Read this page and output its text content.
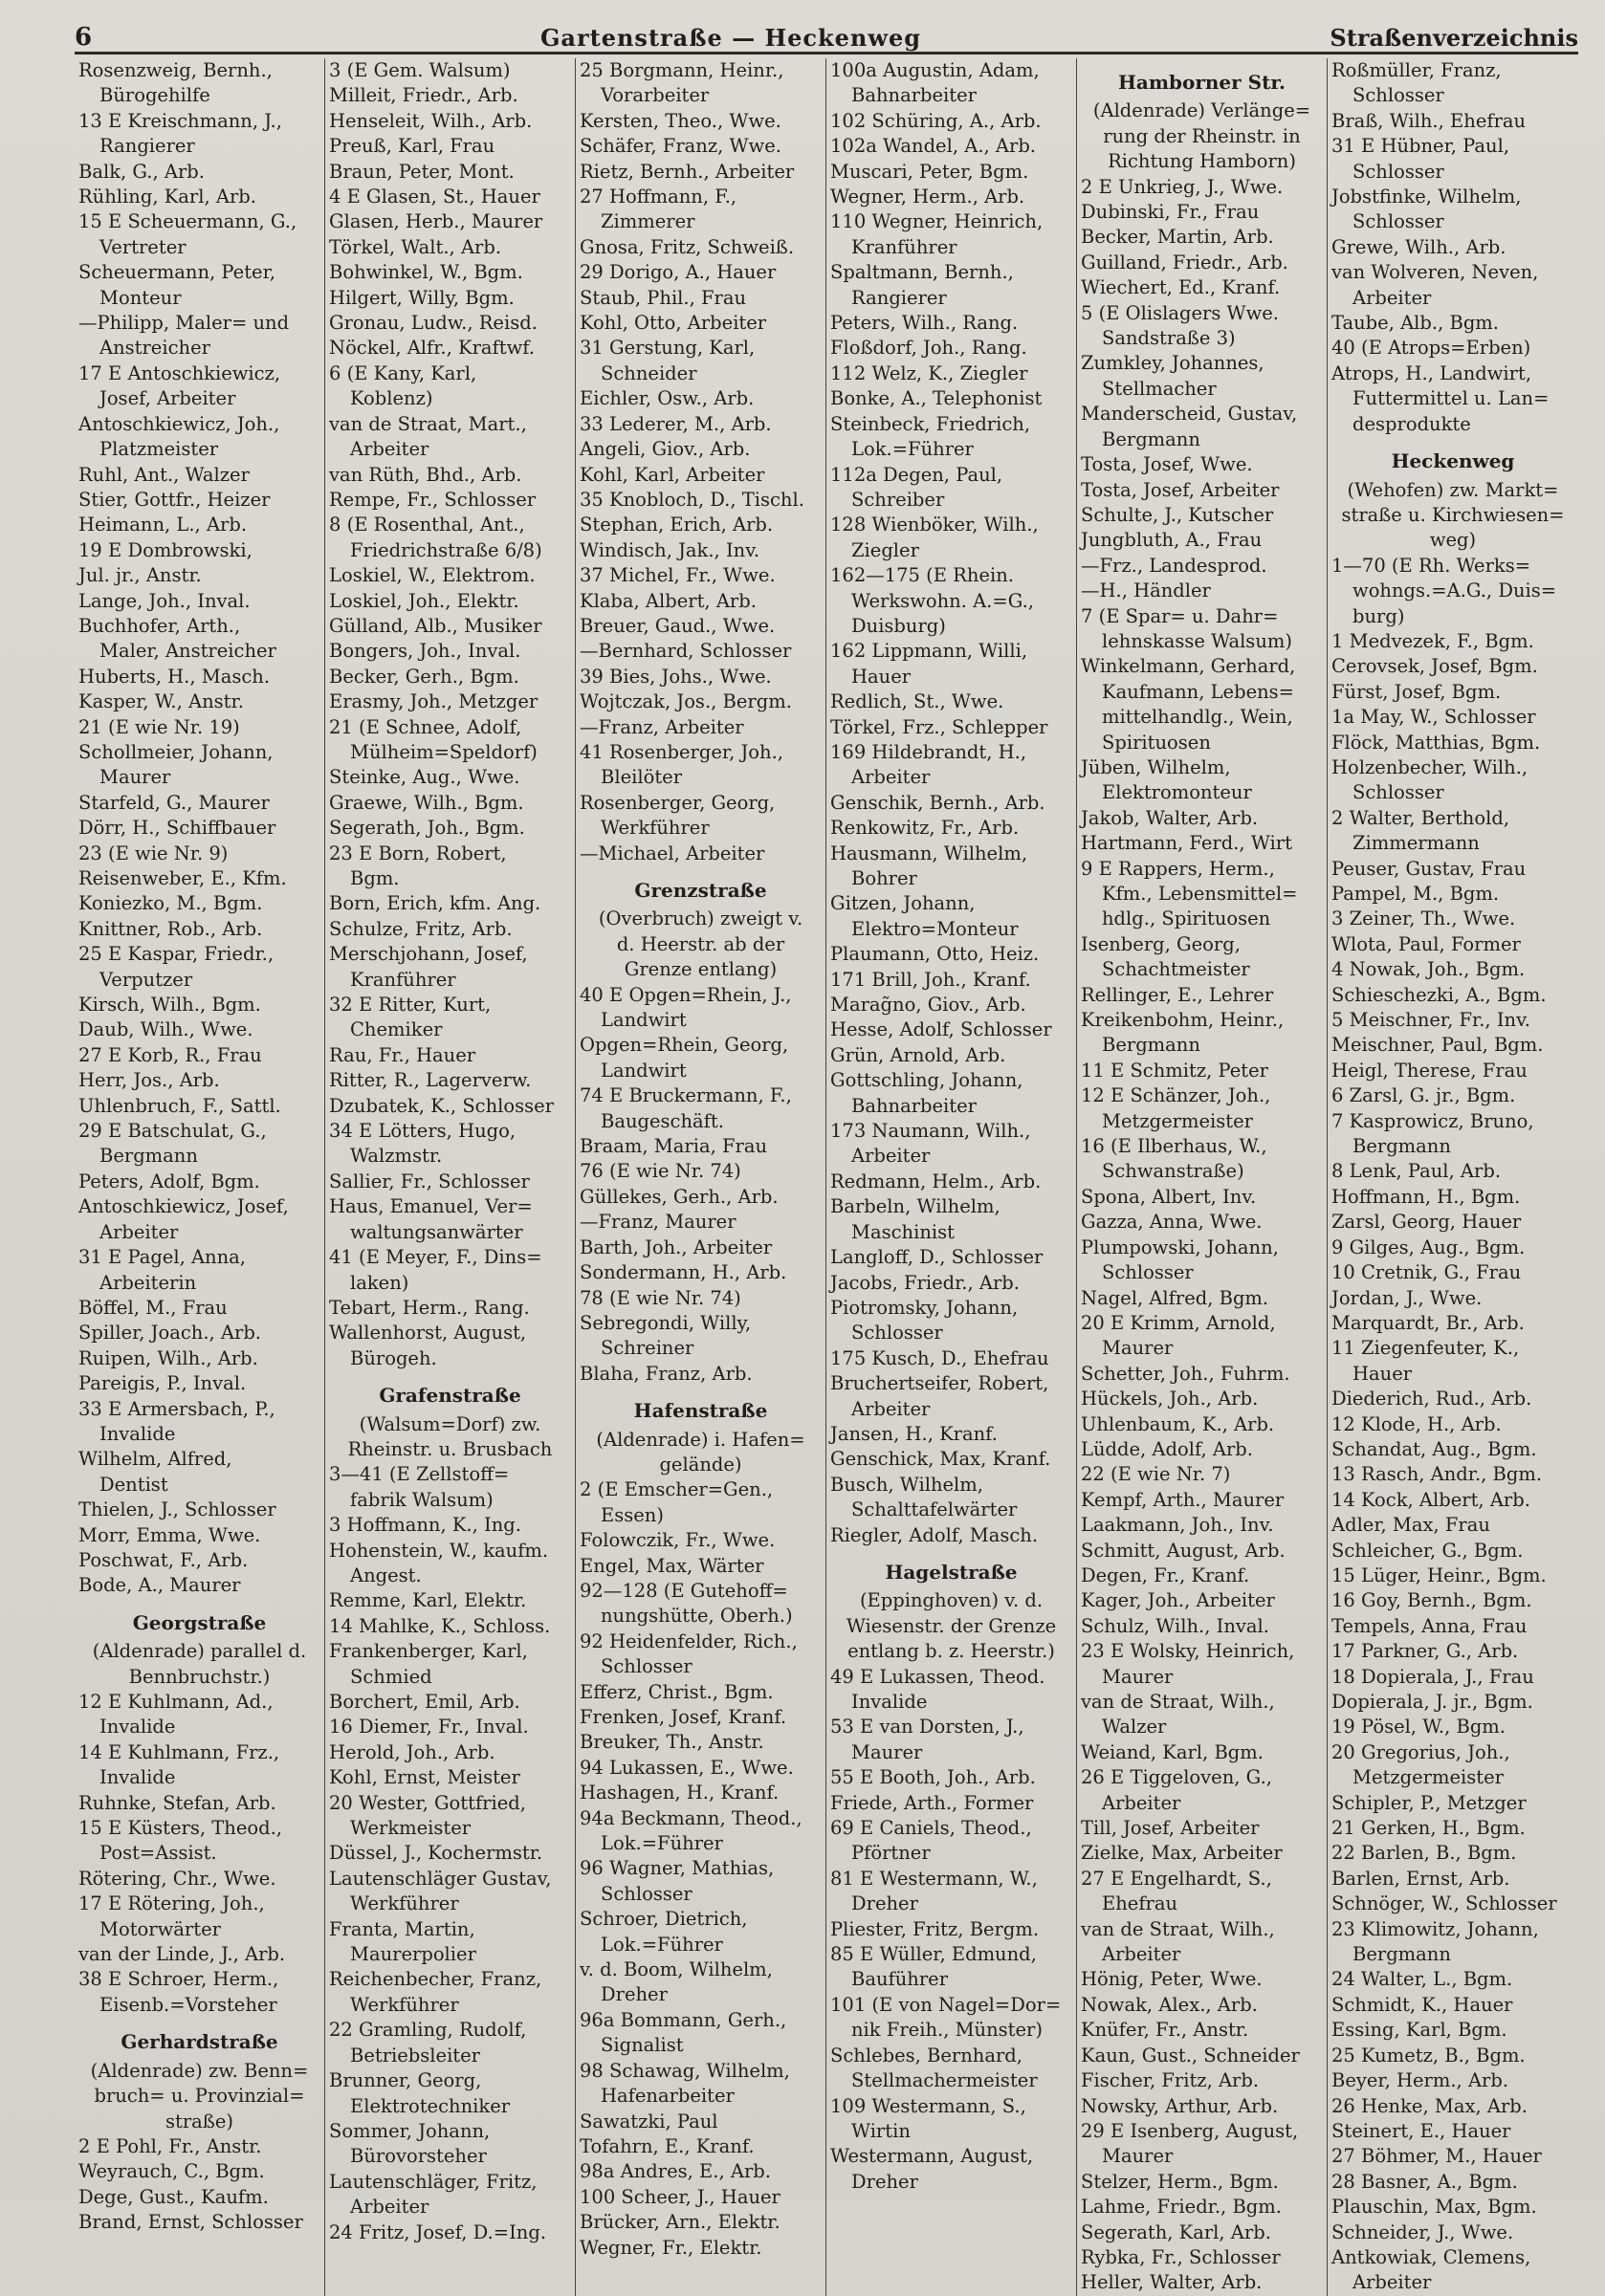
6	Gartenstraße — Heckenweg	Straßenverzeichnis
Rosenzweig, Bernh.,
Bürogehilfe
13 E Kreischmann, J.,
Rangierer
Balk, G., Arb.
Rühling, Karl, Arb.
15 E Scheuermann, G.,
Vertreter
Scheuermann, Peter,
Monteur
—Philipp, Maler= und
Anstreicher
17 E Antoschkiewicz,
Josef, Arbeiter
Antoschkiewicz, Joh.,
Platzmeister
Ruhl, Ant., Walzer
Stier, Gottfr., Heizer
Heimann, L., Arb.
19 E Dombrowski,
Jul. jr., Anstr.
Lange, Joh., Inval.
Buchhofer, Arth.,
Maler, Anstreicher
Huberts, H., Masch.
Kasper, W., Anstr.
21 (E wie Nr. 19)
Schollmeier, Johann,
Maurer
Starfeld, G., Maurer
Dörr, H., Schiffbauer
23 (E wie Nr. 9)
Reisenweber, E., Kfm.
Koniezko, M., Bgm.
Knittner, Rob., Arb.
25 E Kaspar, Friedr.,
Verputzer
Kirsch, Wilh., Bgm.
Daub, Wilh., Wwe.
27 E Korb, R., Frau
Herr, Jos., Arb.
Uhlenbruch, F., Sattl.
29 E Batschulat, G.,
Bergmann
Peters, Adolf, Bgm.
Antoschkiewicz, Josef,
Arbeiter
31 E Pagel, Anna,
Arbeiterin
Böffel, M., Frau
Spiller, Joach., Arb.
Ruipen, Wilh., Arb.
Pareigis, P., Inval.
33 E Armersbach, P.,
Invalide
Wilhelm, Alfred,
Dentist
Thielen, J., Schlosser
Morr, Emma, Wwe.
Poschwat, F., Arb.
Bode, A., Maurer
Georgstraße
(Aldenrade) parallel d.
Bennbruchstr.)
12 E Kuhlmann, Ad.,
Invalide
14 E Kuhlmann, Frz.,
Invalide
Ruhnke, Stefan, Arb.
15 E Küsters, Theod.,
Post=Assist.
Rötering, Chr., Wwe.
17 E Rötering, Joh.,
Motorwärter
van der Linde, J., Arb.
38 E Schroer, Herm.,
Eisenb.=Vorsteher
Gerhardstraße
(Aldenrade) zw. Benn=
bruch= u. Provinzial=
straße)
2 E Pohl, Fr., Anstr.
Weyrauch, C., Bgm.
Dege, Gust., Kaufm.
Brand, Ernst, Schlosser
3 (E Gem. Walsum)
Milleit, Friedr., Arb.
Henseleit, Wilh., Arb.
Preuß, Karl, Frau
Braun, Peter, Mont.
4 E Glasen, St., Hauer
Glasen, Herb., Maurer
Törkel, Walt., Arb.
Bohwinkel, W., Bgm.
Hilgert, Willy, Bgm.
Gronau, Ludw., Reisd.
Nöckel, Alfr., Kraftwf.
6 (E Kany, Karl,
Koblenz)
van de Straat, Mart.,
Arbeiter
van Rüth, Bhd., Arb.
Rempe, Fr., Schlosser
8 (E Rosenthal, Ant.,
Friedrichstraße 6/8)
Loskiel, W., Elektrom.
Loskiel, Joh., Elektr.
Gülland, Alb., Musiker
Bongers, Joh., Inval.
Becker, Gerh., Bgm.
Erasmy, Joh., Metzger
21 (E Schnee, Adolf,
Mülheim=Speldorf)
Steinke, Aug., Wwe.
Graewe, Wilh., Bgm.
Segerath, Joh., Bgm.
23 E Born, Robert,
Bgm.
Born, Erich, kfm. Ang.
Schulze, Fritz, Arb.
Merschjohann, Josef,
Kranführer
32 E Ritter, Kurt,
Chemiker
Rau, Fr., Hauer
Ritter, R., Lagerverw.
Dzubatek, K., Schlosser
34 E Lötters, Hugo,
Walzmstr.
Sallier, Fr., Schlosser
Haus, Emanuel, Ver=
waltungsanwärter
41 (E Meyer, F., Dins=
laken)
Tebart, Herm., Rang.
Wallenhorst, August,
Bürogeh.
Grafenstraße
(Walsum=Dorf) zw.
Rheinstr. u. Brusbach
3—41 (E Zellstoff=
fabrik Walsum)
3 Hoffmann, K., Ing.
Hohenstein, W., kaufm.
Angest.
Remme, Karl, Elektr.
14 Mahlke, K., Schloss.
Frankenberger, Karl,
Schmied
Borchert, Emil, Arb.
16 Diemer, Fr., Inval.
Herold, Joh., Arb.
Kohl, Ernst, Meister
20 Wester, Gottfried,
Werkmeister
Düssel, J., Kochermstr.
Lautenschläger Gustav,
Werkführer
Franta, Martin,
Maurerpolier
Reichenbecher, Franz,
Werkführer
22 Gramling, Rudolf,
Betriebsleiter
Brunner, Georg,
Elektrotechniker
Sommer, Johann,
Bürovorsteher
Lautenschläger, Fritz,
Arbeiter
24 Fritz, Josef, D.=Ing.
25 Borgmann, Heinr.,
Vorarbeiter
Kersten, Theo., Wwe.
Schäfer, Franz, Wwe.
Rietz, Bernh., Arbeiter
27 Hoffmann, F.,
Zimmerer
Gnosa, Fritz, Schweiß.
29 Dorigo, A., Hauer
Staub, Phil., Frau
Kohl, Otto, Arbeiter
31 Gerstung, Karl,
Schneider
Eichler, Osw., Arb.
33 Lederer, M., Arb.
Angeli, Giov., Arb.
Kohl, Karl, Arbeiter
35 Knobloch, D., Tischl.
Stephan, Erich, Arb.
Windisch, Jak., Inv.
37 Michel, Fr., Wwe.
Klaba, Albert, Arb.
Breuer, Gaud., Wwe.
—Bernhard, Schlosser
39 Bies, Johs., Wwe.
Wojtczak, Jos., Bergm.
—Franz, Arbeiter
41 Rosenberger, Joh.,
Bleilöter
Rosenberger, Georg,
Werkführer
—Michael, Arbeiter
Grenzstraße
(Overbruch) zweigt v.
d. Heerstr. ab der
Grenze entlang)
40 E Opgen=Rhein, J.,
Landwirt
Opgen=Rhein, Georg,
Landwirt
74 E Bruckermann, F.,
Baugeschäft.
Braam, Maria, Frau
76 (E wie Nr. 74)
Güllekes, Gerh., Arb.
—Franz, Maurer
Barth, Joh., Arbeiter
Sondermann, H., Arb.
78 (E wie Nr. 74)
Sebregondi, Willy,
Schreiner
Blaha, Franz, Arb.
Hafenstraße
(Aldenrade) i. Hafen=
gelände)
2 (E Emscher=Gen.,
Essen)
Folowczik, Fr., Wwe.
Engel, Max, Wärter
92—128 (E Gutehoff=
nungshütte, Oberh.)
92 Heidenfelder, Rich.,
Schlosser
Efferz, Christ., Bgm.
Frenken, Josef, Kranf.
Breuker, Th., Anstr.
94 Lukassen, E., Wwe.
Hashagen, H., Kranf.
94a Beckmann, Theod.,
Lok.=Führer
96 Wagner, Mathias,
Schlosser
Schroer, Dietrich,
Lok.=Führer
v. d. Boom, Wilhelm,
Dreher
96a Bommann, Gerh.,
Signalist
98 Schawag, Wilhelm,
Hafenarbeiter
Sawatzki, Paul
Tofahrn, E., Kranf.
98a Andres, E., Arb.
100 Scheer, J., Hauer
Brücker, Arn., Elektr.
Wegner, Fr., Elektr.
100a Augustin, Adam,
Bahnarbeiter
102 Schüring, A., Arb.
102a Wandel, A., Arb.
Muscari, Peter, Bgm.
Wegner, Herm., Arb.
110 Wegner, Heinrich,
Kranführer
Spaltmann, Bernh.,
Rangierer
Peters, Wilh., Rang.
Floßdorf, Joh., Rang.
112 Welz, K., Ziegler
Bonke, A., Telephonist
Steinbeck, Friedrich,
Lok.=Führer
112a Degen, Paul,
Schreiber
128 Wienböker, Wilh.,
Ziegler
162—175 (E Rhein.
Werkswohn. A.=G.,
Duisburg)
162 Lippmann, Willi,
Hauer
Redlich, St., Wwe.
Törkel, Frz., Schlepper
169 Hildebrandt, H.,
Arbeiter
Genschik, Bernh., Arb.
Renkowitz, Fr., Arb.
Hausmann, Wilhelm,
Bohrer
Gitzen, Johann,
Elektro=Monteur
Plaumann, Otto, Heiz.
171 Brill, Joh., Kranf.
Marag̃no, Giov., Arb.
Hesse, Adolf, Schlosser
Grün, Arnold, Arb.
Gottschling, Johann,
Bahnarbeiter
173 Naumann, Wilh.,
Arbeiter
Redmann, Helm., Arb.
Barbeln, Wilhelm,
Maschinist
Langloff, D., Schlosser
Jacobs, Friedr., Arb.
Piotromsky, Johann,
Schlosser
175 Kusch, D., Ehefrau
Bruchertseifer, Robert,
Arbeiter
Jansen, H., Kranf.
Genschick, Max, Kranf.
Busch, Wilhelm,
Schalttafelwärter
Riegler, Adolf, Masch.
Hagelstraße
(Eppinghoven) v. d.
Wiesenstr. der Grenze
entlang b. z. Heerstr.)
49 E Lukassen, Theod.
Invalide
53 E van Dorsten, J.,
Maurer
55 E Booth, Joh., Arb.
Friede, Arth., Former
69 E Caniels, Theod.,
Pförtner
81 E Westermann, W.,
Dreher
Pliester, Fritz, Bergm.
85 E Wüller, Edmund,
Bauführer
101 (E von Nagel=Dor=
nik Freih., Münster)
Schlebes, Bernhard,
Stellmachermeister
109 Westermann, S.,
Wirtin
Westermann, August,
Dreher
Hamborner Str.
(Aldenrade) Verlänge=
rung der Rheinstr. in
Richtung Hamborn)
2 E Unkrieg, J., Wwe.
Dubinski, Fr., Frau
Becker, Martin, Arb.
Guilland, Friedr., Arb.
Wiechert, Ed., Kranf.
5 (E Olislagers Wwe.
Sandstraße 3)
Zumkley, Johannes,
Stellmacher
Manderscheid, Gustav,
Bergmann
Tosta, Josef, Wwe.
Tosta, Josef, Arbeiter
Schulte, J., Kutscher
Jungbluth, A., Frau
—Frz., Landesprod.
—H., Händler
7 (E Spar= u. Dahr=
lehnskasse Walsum)
Winkelmann, Gerhard,
Kaufmann, Lebens=
mittelhandlg., Wein,
Spirituosen
Jüben, Wilhelm,
Elektromonteur
Jakob, Walter, Arb.
Hartmann, Ferd., Wirt
9 E Rappers, Herm.,
Kfm., Lebensmittel=
hdlg., Spirituosen
Isenberg, Georg,
Schachtmeister
Rellinger, E., Lehrer
Kreikenbohm, Heinr.,
Bergmann
11 E Schmitz, Peter
12 E Schänzer, Joh.,
Metzgermeister
16 (E Ilberhaus, W.,
Schwanstraße)
Spona, Albert, Inv.
Gazza, Anna, Wwe.
Plumpowski, Johann,
Schlosser
Nagel, Alfred, Bgm.
20 E Krimm, Arnold,
Maurer
Schetter, Joh., Fuhrm.
Hückels, Joh., Arb.
Uhlenbaum, K., Arb.
Lüdde, Adolf, Arb.
22 (E wie Nr. 7)
Kempf, Arth., Maurer
Laakmann, Joh., Inv.
Schmitt, August, Arb.
Degen, Fr., Kranf.
Kager, Joh., Arbeiter
Schulz, Wilh., Inval.
23 E Wolsky, Heinrich,
Maurer
van de Straat, Wilh.,
Walzer
Weiand, Karl, Bgm.
26 E Tiggeloven, G.,
Arbeiter
Till, Josef, Arbeiter
Zielke, Max, Arbeiter
27 E Engelhardt, S.,
Ehefrau
van de Straat, Wilh.,
Arbeiter
Hönig, Peter, Wwe.
Nowak, Alex., Arb.
Knüfer, Fr., Anstr.
Kaun, Gust., Schneider
Fischer, Fritz, Arb.
Nowsky, Arthur, Arb.
29 E Isenberg, August,
Maurer
Stelzer, Herm., Bgm.
Lahme, Friedr., Bgm.
Segerath, Karl, Arb.
Rybka, Fr., Schlosser
Heller, Walter, Arb.
Roßmüller, Franz,
Schlosser
Braß, Wilh., Ehefrau
31 E Hübner, Paul,
Schlosser
Jobstfinke, Wilhelm,
Schlosser
Grewe, Wilh., Arb.
van Wolveren, Neven,
Arbeiter
Taube, Alb., Bgm.
40 (E Atrops=Erben)
Atrops, H., Landwirt,
Futtermittel u. Lan=
desprodukte
Heckenweg
(Wehofen) zw. Markt=
straße u. Kirchwiesen=
weg)
1—70 (E Rh. Werks=
wohngs.=A.G., Duis=
burg)
1 Medvezek, F., Bgm.
Cerovsek, Josef, Bgm.
Fürst, Josef, Bgm.
1a May, W., Schlosser
Flöck, Matthias, Bgm.
Holzenbecher, Wilh.,
Schlosser
2 Walter, Berthold,
Zimmermann
Peuser, Gustav, Frau
Pampel, M., Bgm.
3 Zeiner, Th., Wwe.
Wlota, Paul, Former
4 Nowak, Joh., Bgm.
Schieschezki, A., Bgm.
5 Meischner, Fr., Inv.
Meischner, Paul, Bgm.
Heigl, Therese, Frau
6 Zarsl, G. jr., Bgm.
7 Kasprowicz, Bruno,
Bergmann
8 Lenk, Paul, Arb.
Hoffmann, H., Bgm.
Zarsl, Georg, Hauer
9 Gilges, Aug., Bgm.
10 Cretnik, G., Frau
Jordan, J., Wwe.
Marquardt, Br., Arb.
11 Ziegenfeuter, K.,
Hauer
Diederich, Rud., Arb.
12 Klode, H., Arb.
Schandat, Aug., Bgm.
13 Rasch, Andr., Bgm.
14 Kock, Albert, Arb.
Adler, Max, Frau
Schleicher, G., Bgm.
15 Lüger, Heinr., Bgm.
16 Goy, Bernh., Bgm.
Tempels, Anna, Frau
17 Parkner, G., Arb.
18 Dopierala, J., Frau
Dopierala, J. jr., Bgm.
19 Pösel, W., Bgm.
20 Gregorius, Joh.,
Metzgermeister
Schipler, P., Metzger
21 Gerken, H., Bgm.
22 Barlen, B., Bgm.
Barlen, Ernst, Arb.
Schnöger, W., Schlosser
23 Klimowitz, Johann,
Bergmann
24 Walter, L., Bgm.
Schmidt, K., Hauer
Essing, Karl, Bgm.
25 Kumetz, B., Bgm.
Beyer, Herm., Arb.
26 Henke, Max, Arb.
Steinert, E., Hauer
27 Böhmer, M., Hauer
28 Basner, A., Bgm.
Plauschin, Max, Bgm.
Schneider, J., Wwe.
Antkowiak, Clemens,
Arbeiter
